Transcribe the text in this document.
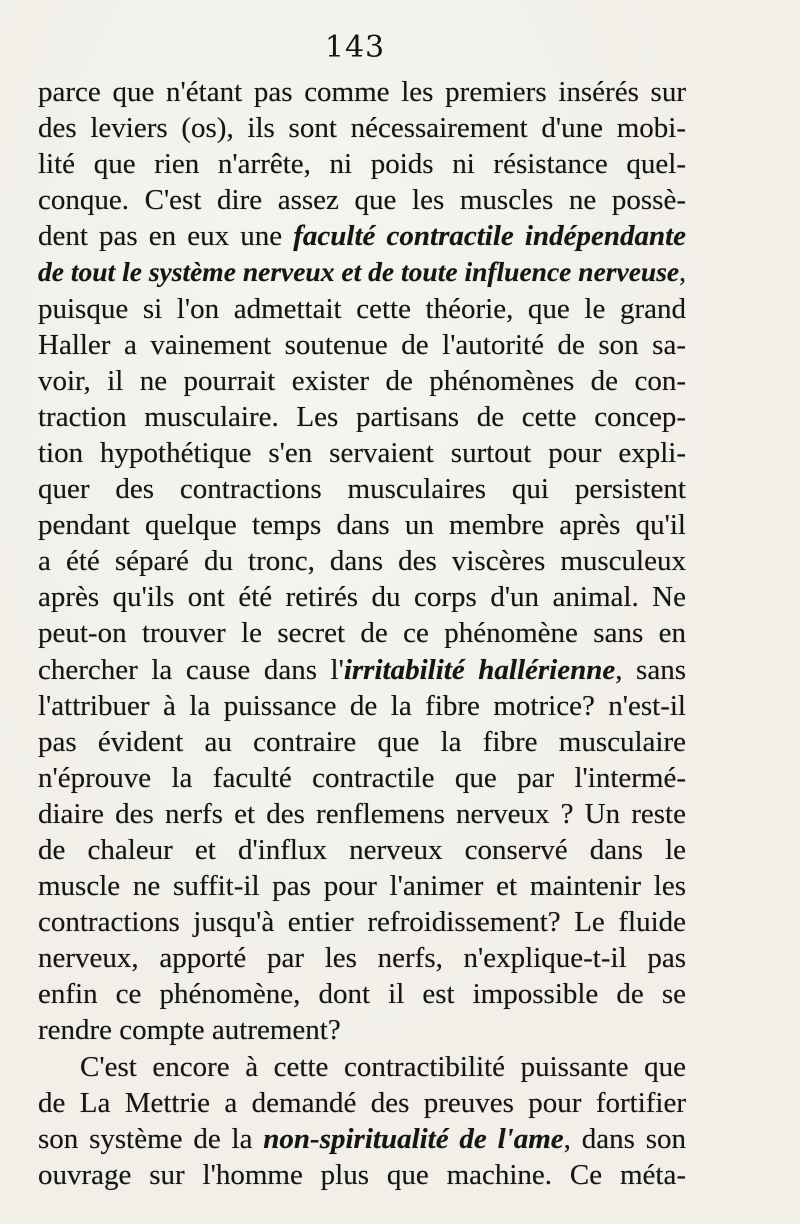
143
parce que n'étant pas comme les premiers insérés sur
des leviers (os), ils sont nécessairement d'une mobi-
lité que rien n'arrête, ni poids ni résistance quel-
conque. C'est dire assez que les muscles ne possè-
dent pas en eux une faculté contractile indépendante
de tout le système nerveux et de toute influence nerveuse,
puisque si l'on admettait cette théorie, que le grand
Haller a vainement soutenue de l'autorité de son sa-
voir, il ne pourrait exister de phénomènes de con-
traction musculaire. Les partisans de cette concep-
tion hypothétique s'en servaient surtout pour expli-
quer des contractions musculaires qui persistent
pendant quelque temps dans un membre après qu'il
a été séparé du tronc, dans des viscères musculeux
après qu'ils ont été retirés du corps d'un animal. Ne
peut-on trouver le secret de ce phénomène sans en
chercher la cause dans l'irritabilité hallérienne, sans
l'attribuer à la puissance de la fibre motrice? n'est-il
pas évident au contraire que la fibre musculaire
n'éprouve la faculté contractile que par l'intermé-
diaire des nerfs et des renflemens nerveux ? Un reste
de chaleur et d'influx nerveux conservé dans le
muscle ne suffit-il pas pour l'animer et maintenir les
contractions jusqu'à entier refroidissement? Le fluide
nerveux, apporté par les nerfs, n'explique-t-il pas
enfin ce phénomène, dont il est impossible de se
rendre compte autrement?
C'est encore à cette contractibilité puissante que
de La Mettrie a demandé des preuves pour fortifier
son système de la non-spiritualité de l'ame, dans son
ouvrage sur l'homme plus que machine. Ce méta-
